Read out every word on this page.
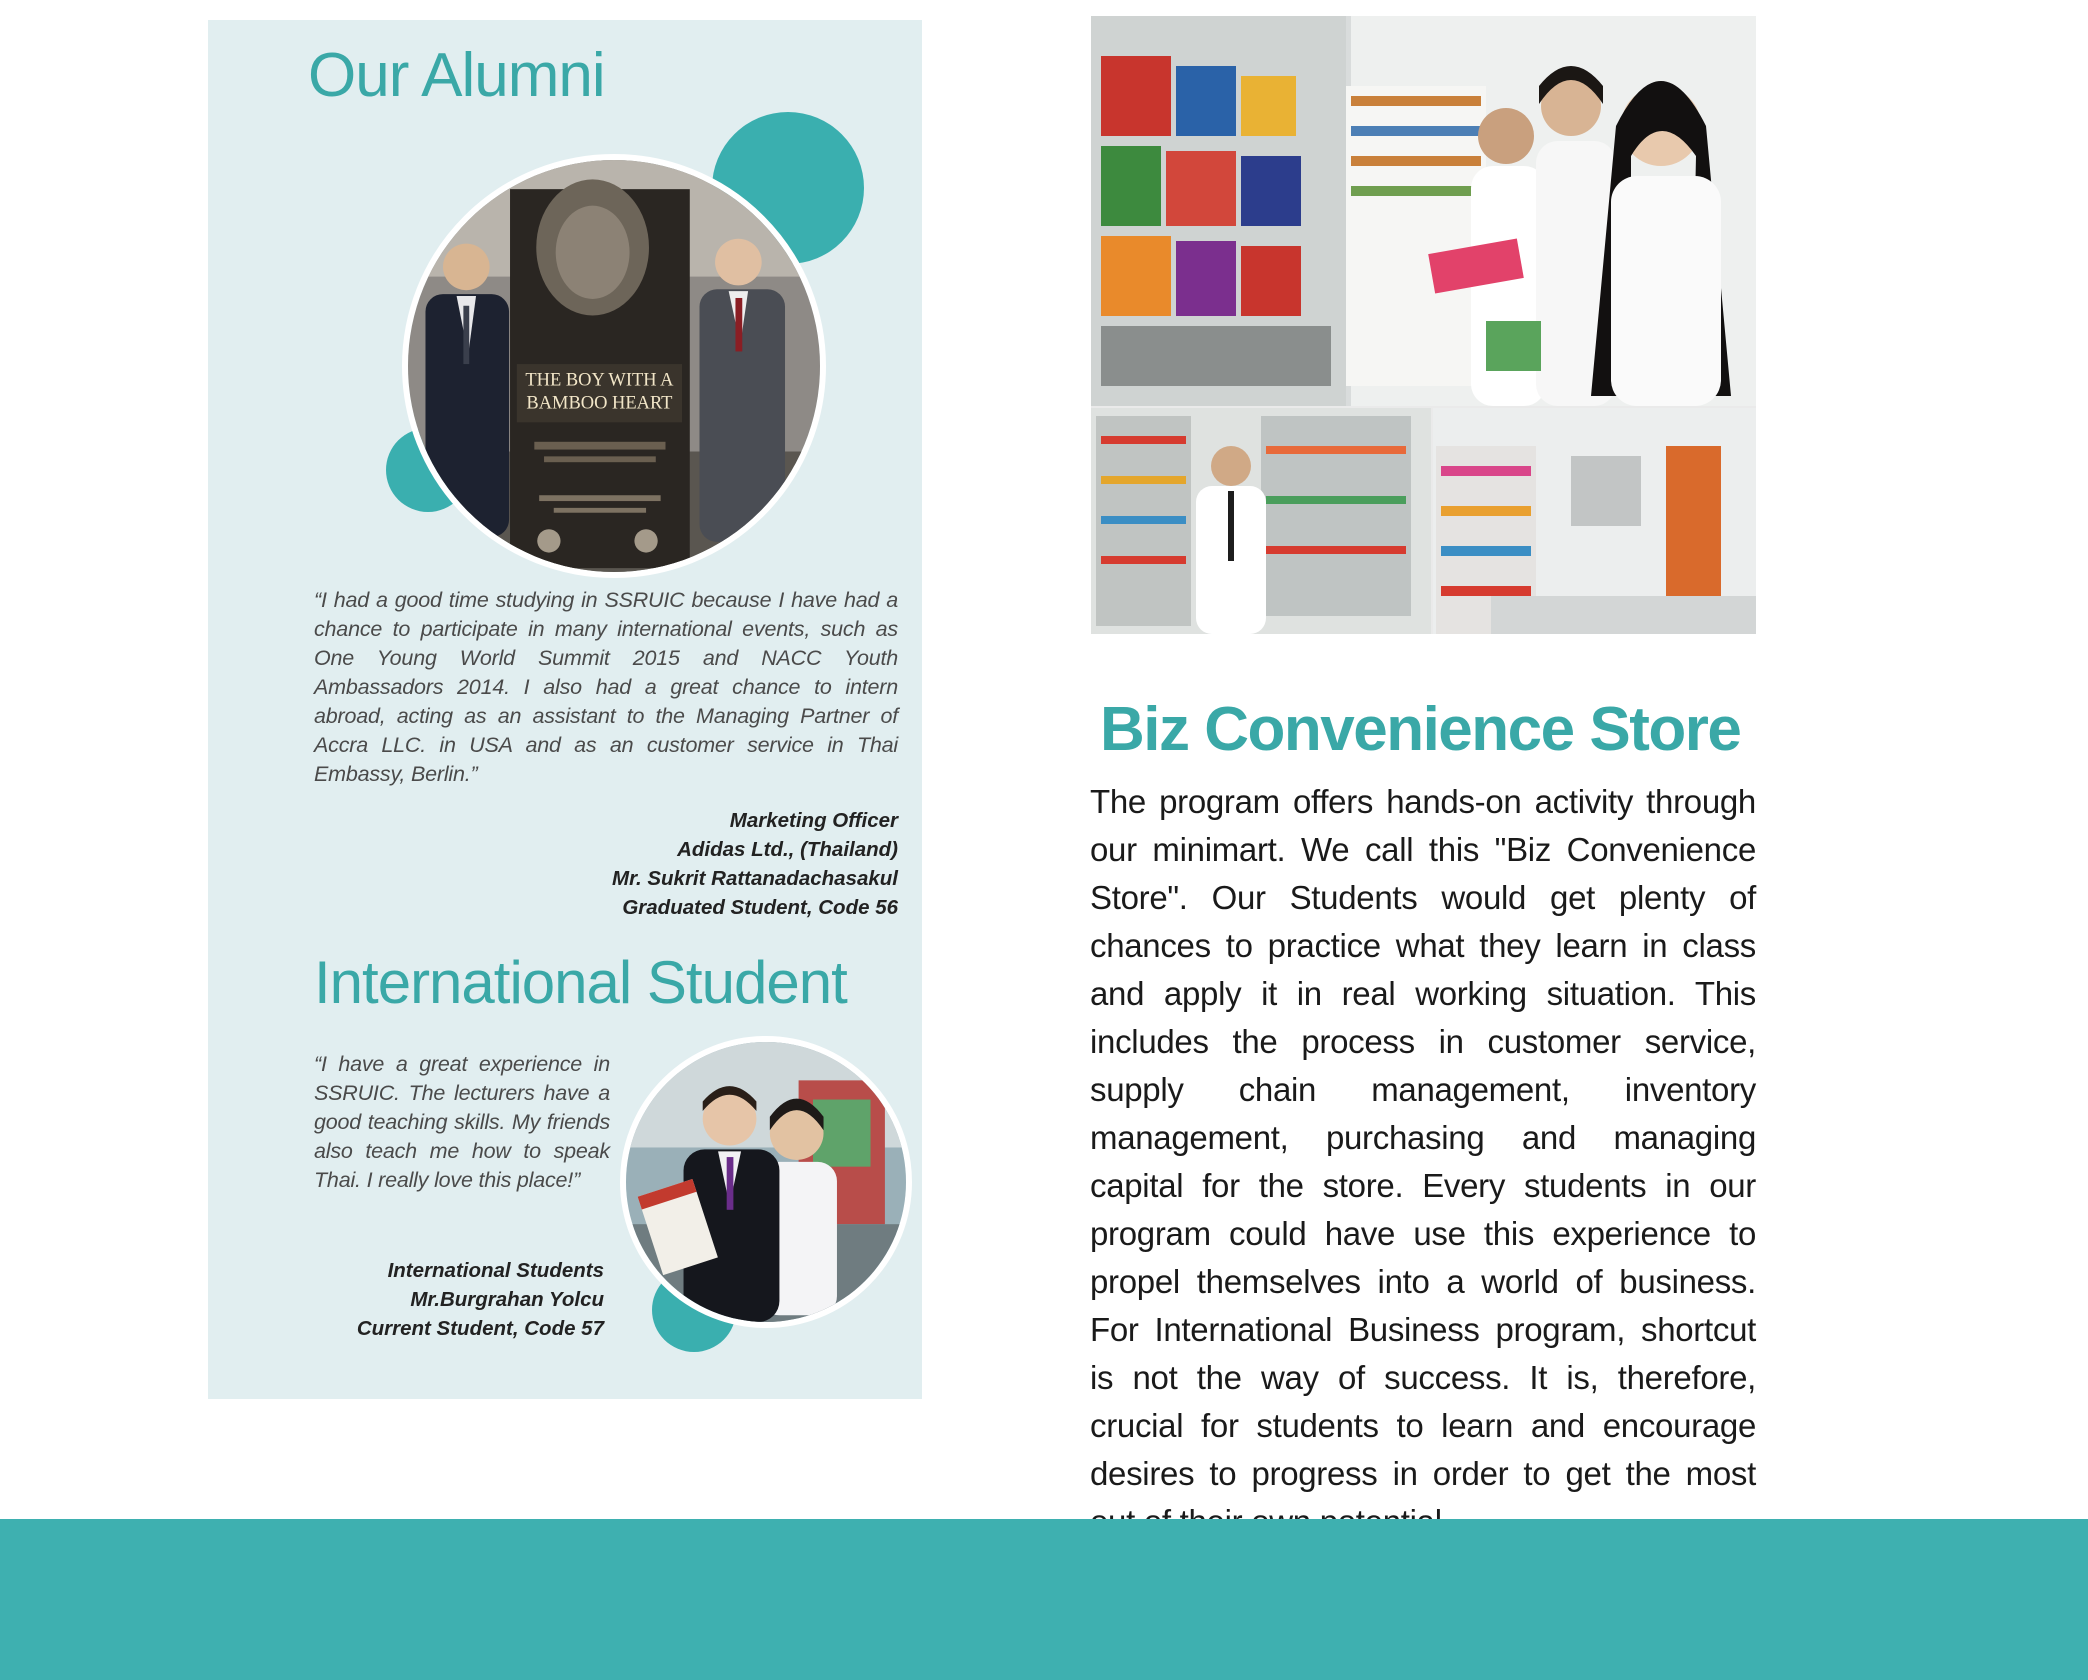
Our Alumni
THE BOY WITH A
BAMBOO HEART

“I had a good time studying in SSRUIC because I have had a chance to participate in many international events, such as One Young World Summit 2015 and NACC Youth Ambassadors 2014. I also had a great chance to intern abroad, acting as an assistant to the Managing Partner of Accra LLC. in USA and as an customer service in Thai Embassy, Berlin.”

Marketing Officer
Adidas Ltd., (Thailand)
Mr. Sukrit Rattanadachasakul
Graduated Student, Code 56
International Student

“I have a great experience in SSRUIC. The lecturers have a good teaching skills. My friends also teach me how to speak Thai. I really love this place!”

International Students
Mr.Burgrahan Yolcu
Current Student, Code 57
Biz Convenience Store

The program offers hands-on activity through our minimart. We call this "Biz Convenience Store". Our Students would get plenty of chances to practice what they learn in class and apply it in real working situation. This includes the process in customer service, supply chain management, inventory management, purchasing and managing capital for the store. Every students in our program could have use this experience to propel themselves into a world of business. For International Business program, shortcut is not the way of success. It is, therefore, crucial for students to learn and encourage desires to progress in order to get the most
